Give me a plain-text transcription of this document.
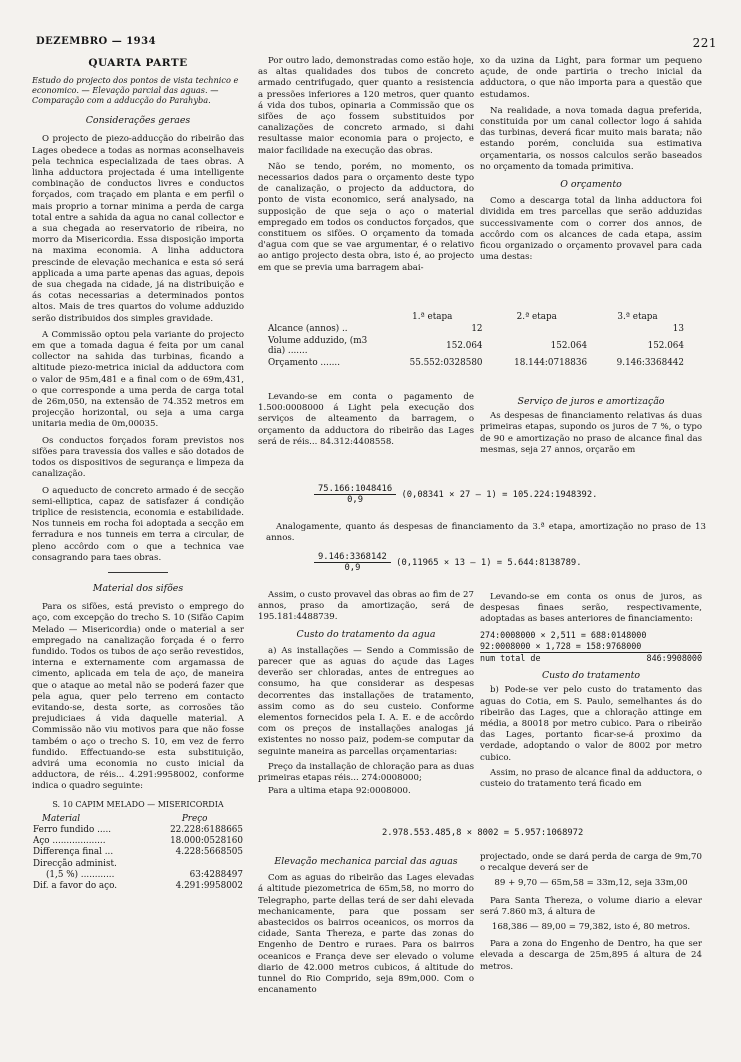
DEZEMBRO — 1934	221
QUARTA PARTE
Estudo do projecto dos pontos de vista technico e economico. — Elevação parcial das aguas. — Comparação com a adducção do Parahyba.
Considerações geraes

O projecto de piezo-adducção do ribeirão das Lages obedece a todas as normas aconselhaveis pela technica especializada de taes obras. A linha adductora projectada é uma intelligente combinação de conductos livres e conductos forçados, com traçado em planta e em perfil o mais proprio a tornar minima a perda de carga total entre a sahida da agua no canal collector e a sua chegada ao reservatorio de ribeira, no morro da Misericordia. Essa disposição importa na maxima economia. A linha adductora prescinde de elevação mechanica e esta só será applicada a uma parte apenas das aguas, depois de sua chegada na cidade, já na distribuição e ás cotas necessarias a determinados pontos altos. Mais de tres quartos do volume adduzido serão distribuidos dos simples gravidade.

A Commissão optou pela variante do projecto em que a tomada dagua é feita por um canal collector na sahida das turbinas, ficando a altitude piezo-metrica inicial da adductora com o valor de 95m,481 e a final com o de 69m,431, o que corresponde a uma perda de carga total de 26m,050, na extensão de 74.352 metros em projecção horizontal, ou seja a uma carga unitaria media de 0m,00035.

Os conductos forçados foram previstos nos sifões para travessia dos valles e são dotados de todos os dispositivos de segurança e limpeza da canalização.

O aqueducto de concreto armado é de secção semi-elliptica, capaz de satisfazer á condição triplice de resistencia, economia e estabilidade. Nos tunneis em rocha foi adoptada a secção em ferradura e nos tunneis em terra a circular, de pleno accôrdo com o que a technica vae consagrando para taes obras.

Material dos sifões

Para os sifões, está previsto o emprego do aço, com excepção do trecho S. 10 (Sifão Capim Melado — Misericordia) onde o material a ser empregado na canalização forçada é o ferro fundido. Todos os tubos de aço serão revestidos, interna e externamente com argamassa de cimento, aplicada em tela de aço, de maneira que o ataque ao metal não se poderá fazer que pela agua, quer pelo terreno em contacto evitando-se, desta sorte, as corrosões tão prejudiciaes á vida daquelle material. A Commissão não viu motivos para que não fosse também o aço o trecho S. 10, em vez de ferro fundido. Effectuando-se esta substituição, advirá uma economia no custo inicial da adductora, de réis... 4.291:9958002, conforme indica o quadro seguinte:

S. 10 CAPIM MELADO — MISERICORDIA
Material	Preço
Ferro fundido .....	22.228:6188665
Aço ...................	18.000:0528160
Differença final ...	4.228:5668505
Direcção administ.	
(1,5 %) ............	63:4288497
Dif. a favor do aço.	4.291:9958002

Por outro lado, demonstradas como estão hoje, as altas qualidades dos tubos de concreto armado centrifugado, quer quanto a resistencia a pressões inferiores a 120 metros, quer quanto á vida dos tubos, opinaria a Commissão que os sifões de aço fossem substituidos por canalizações de concreto armado, si dahi resultasse maior economia para o projecto, e maior facilidade na execução das obras.

Não se tendo, porém, no momento, os necessarios dados para o orçamento deste typo de canalização, o projecto da adductora, do ponto de vista economico, será analysado, na supposição de que seja o aço o material empregado em todos os conductos forçados, que constituem os sifões. O orçamento da tomada d'agua com que se vae argumentar, é o relativo ao antigo projecto desta obra, isto é, ao projecto em que se previa uma barragem abai-

xo da uzina da Light, para formar um pequeno açude, de onde partiria o trecho inicial da adductora, o que não importa para a questão que estudamos.

Na realidade, a nova tomada dagua preferida, constituida por um canal collector logo á sahida das turbinas, deverá ficar muito mais barata; não estando porém, concluida sua estimativa orçamentaria, os nossos calculos serão baseados no orçamento da tomada primitiva.

O orçamento

Como a descarga total da linha adductora foi dividida em tres parcellas que serão adduzidas successivamente com o correr dos annos, de accôrdo com os alcances de cada etapa, assim ficou organizado o orçamento provavel para cada uma destas:

	1.ª etapa	2.ª etapa	3.ª etapa
Alcance (annos) ..	12		13
Volume adduzido, (m3 dia) .......	152.064	152.064	152.064
Orçamento .......	55.552:0328580	18.144:0718836	9.146:3368442

Levando-se em conta o pagamento de 1.500:0008000 á Light pela execução dos serviços de alteamento da barragem, o orçamento da adductora do ribeirão das Lages será de réis... 84.312:4408558.

Serviço de juros e amortização

As despesas de financiamento relativas ás duas primeiras etapas, supondo os juros de 7 %, o typo de 90 e amortização no praso de alcance final das mesmas, seja 27 annos, orçarão em

$\frac{75.166:1048416}{0,9} (0,08341 \times 27$ — 1) = 105.224:1948392.
Analogamente, quanto ás despesas de financiamento da 3.ª etapa, amortização no praso de 13 annos.
$\frac{9.146:3368142}{0,9} (0,11965 \times 13$ — 1) = 5.644:8138789.

Assim, o custo provavel das obras ao fim de 27 annos, praso da amortização, será de 195.181:4488739.

Custo do tratamento da agua

a) As installações — Sendo a Commissão de parecer que as aguas do açude das Lages deverão ser chloradas, antes de entregues ao consumo, ha que considerar as despesas decorrentes das installações de tratamento, assim como as do seu custeio. Conforme elementos fornecidos pela I. A. E. e de accôrdo com os preços de installações analogas já existentes no nosso paiz, podem-se computar da seguinte maneira as parcellas orçamentarias:

Preço da installação de chloração para as duas primeiras etapas réis... 274:0008000;

Para a ultima etapa 92:0008000.

Levando-se em conta os onus de juros, as despesas finaes serão, respectivamente, adoptadas as bases anteriores de financiamento:

274:0008000 × 2,511 = 688:0148000
92:0008000 × 1,728 = 158:9768000
num total de	846:9908000
Custo do tratamento

b) Pode-se ver pelo custo do tratamento das aguas do Cotia, em S. Paulo, semelhantes ás do ribeirão das Lages, que a chloração attinge em média, a 80018 por metro cubico. Para o ribeirão das Lages, portanto ficar-se-á proximo da verdade, adoptando o valor de 8002 por metro cubico.

Assim, no praso de alcance final da adductora, o custeio do tratamento terá ficado em

2.978.553.485,8 × 8002 = 5.957:1068972
Elevação mechanica parcial das aguas

Com as aguas do ribeirão das Lages elevadas á altitude piezometrica de 65m,58, no morro do Telegrapho, parte dellas terá de ser dahi elevada mechanicamente, para que possam ser abastecidos os bairros oceanicos, os morros da cidade, Santa Thereza, e parte das zonas do Engenho de Dentro e ruraes. Para os bairros oceanicos e França deve ser elevado o volume diario de 42.000 metros cubicos, á altitude do tunnel do Rio Comprido, seja 89m,000. Com o encanamento

projectado, onde se dará perda de carga de 9m,70 o recalque deverá ser de

89 + 9,70 — 65m,58 = 33m,12, seja 33m,00

Para Santa Thereza, o volume diario a elevar será 7.860 m3, á altura de

168,386 — 89,00 = 79,382, isto é, 80 metros.

Para a zona do Engenho de Dentro, ha que ser elevada a descarga de 25m,895 á altura de 24 metros.
